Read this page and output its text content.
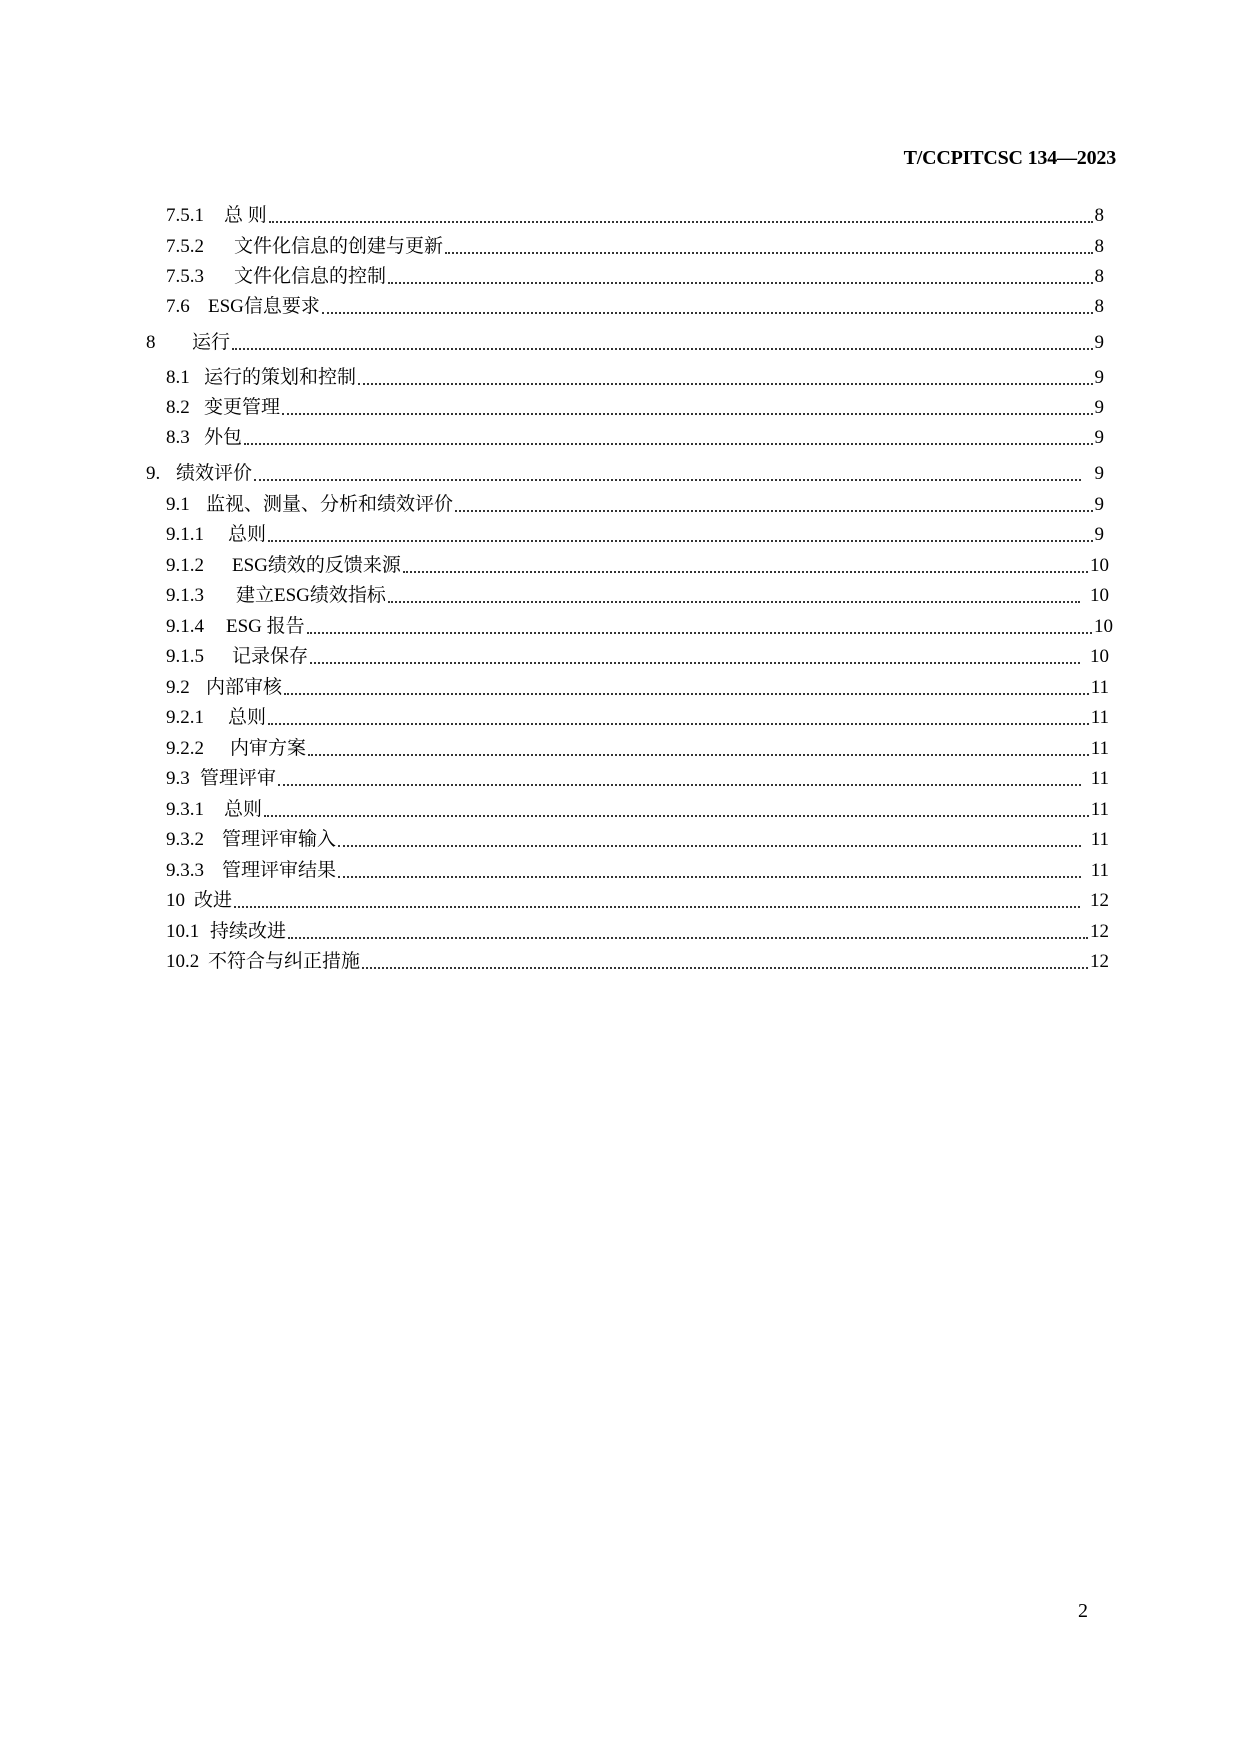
T/CCPITCSC 134—2023
7.5.1	总 则	8
7.5.2	文件化信息的创建与更新	8
7.5.3	文件化信息的控制	8
7.6 ESG信息要求	8
8	运行	9
8.1 运行的策划和控制	9
8.2 变更管理	9
8.3 外包	9
9. 绩效评价	9
9.1 监视、测量、分析和绩效评价	9
9.1.1	总则	9
9.1.2	ESG绩效的反馈来源	10
9.1.3	建立ESG绩效指标	10
9.1.4	ESG 报告	10
9.1.5	记录保存	10
9.2 内部审核	11
9.2.1	总则	11
9.2.2	内审方案	11
9.3 管理评审	11
9.3.1	总则	11
9.3.2 管理评审输入	11
9.3.3 管理评审结果	11
10 改进	12
10.1 持续改进	12
10.2 不符合与纠正措施	12
2
